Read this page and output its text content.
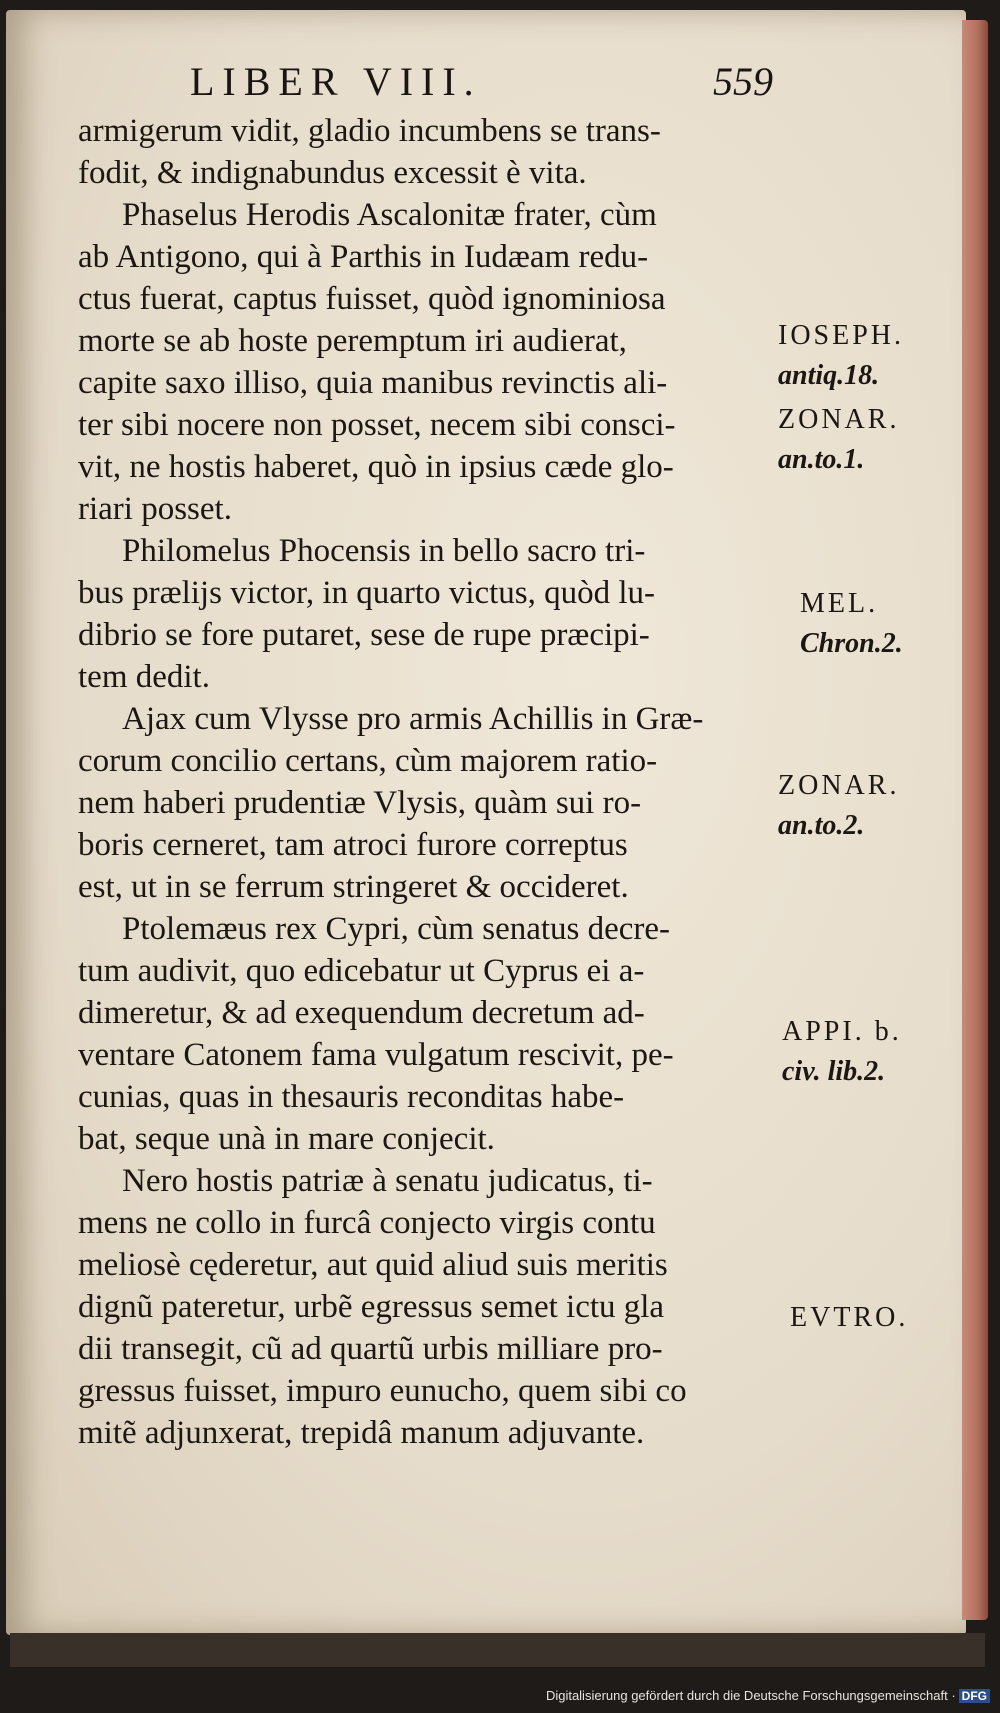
LIBER VIII.	559
armigerum vidit, gladio incumbens se trans-
fodit, & indignabundus excessit è vita.
Phaselus Herodis Ascalonitæ frater, cùm
ab Antigono, qui à Parthis in Iudæam redu-
ctus fuerat, captus fuisset, quòd ignominiosa
morte se ab hoste peremptum iri audierat,
capite saxo illiso, quia manibus revinctis ali-
ter sibi nocere non posset, necem sibi consci-
vit, ne hostis haberet, quò in ipsius cæde glo-
riari posset.
Philomelus Phocensis in bello sacro tri-
bus prælijs victor, in quarto victus, quòd lu-
dibrio se fore putaret, sese de rupe præcipi-
tem dedit.
Ajax cum Vlysse pro armis Achillis in Græ-
corum concilio certans, cùm majorem ratio-
nem haberi prudentiæ Vlysis, quàm sui ro-
boris cerneret, tam atroci furore correptus
est, ut in se ferrum stringeret & occideret.
Ptolemæus rex Cypri, cùm senatus decre-
tum audivit, quo edicebatur ut Cyprus ei a-
dimeretur, & ad exequendum decretum ad-
ventare Catonem fama vulgatum rescivit, pe-
cunias, quas in thesauris reconditas habe-
bat, seque unà in mare conjecit.
Nero hostis patriæ à senatu judicatus, ti-
mens ne collo in furcâ conjecto virgis contu
meliosè cęderetur, aut quid aliud suis meritis
dignũ pateretur, urbẽ egressus semet ictu gla
dii transegit, cũ ad quartũ urbis milliare pro-
gressus fuisset, impuro eunucho, quem sibi co
mitẽ adjunxerat, trepidâ manum adjuvante.
IOSEPH.
antiq.18.
ZONAR.
an.to.1.
MEL.
Chron.2.
ZONAR.
an.to.2.
APPI. b.
civ. lib.2.
EVTRO.
Digitalisierung gefördert durch die Deutsche Forschungsgemeinschaft · DFG
